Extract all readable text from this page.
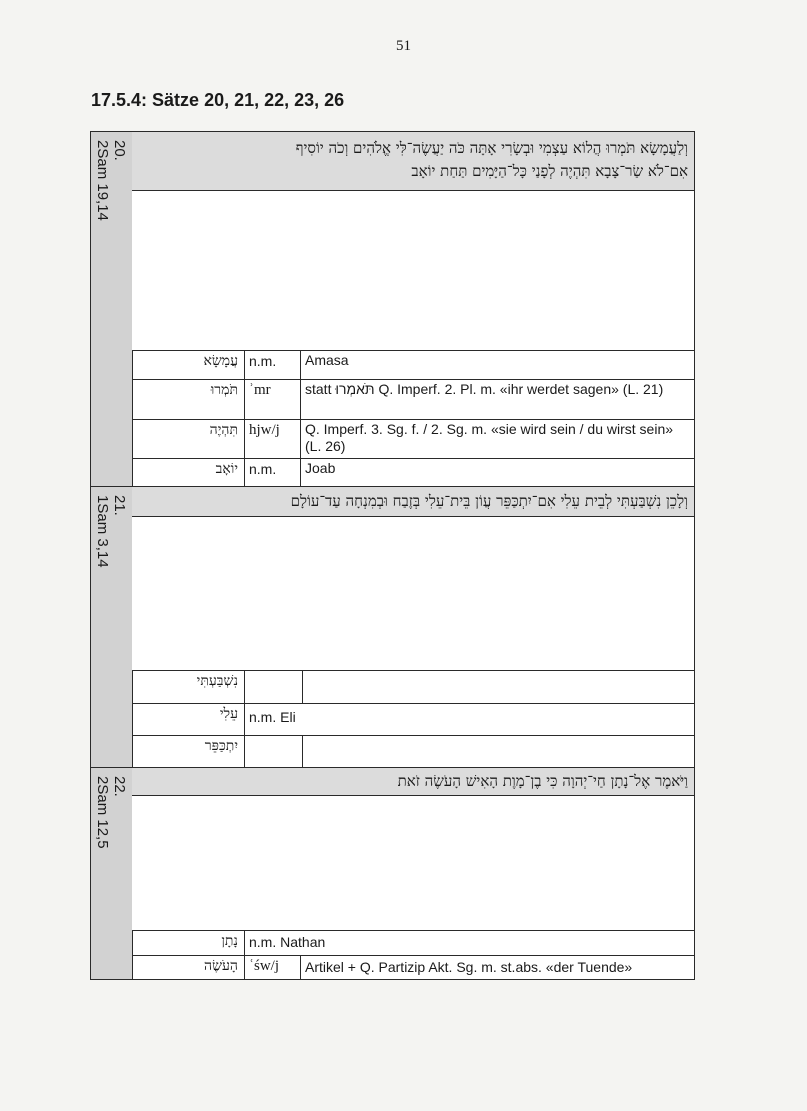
51
17.5.4: Sätze 20, 21, 22, 23, 26
20.
2Sam 19,14	וְלַעֲמָשָׂא תֹּמְרוּ הֲלוֹא עַצְמִי וּבְשָׂרִי אָתָּה כֹּה יַעֲשֶׂה־לִּי אֱלֹהִים וְכֹה יוֹסִיף
אִם־לֹא שַׂר־צָבָא תִּהְיֶה לְפָנַי כָּל־הַיָּמִים תַּחַת יוֹאָב
עֲמָשָׂא n.m.	Amasa
תֹּמְרוּ ʾmr	statt תֹּאמְרוּ Q. Imperf. 2. Pl. m. «ihr werdet sagen» (L. 21)
תִּהְיֶה hjw/j	Q. Imperf. 3. Sg. f. / 2. Sg. m. «sie wird sein / du wirst sein» (L. 26)
יוֹאָב n.m.	Joab
21.
1Sam 3,14	וְלָכֵן נִשְׁבַּעְתִּי לְבֵית עֵלִי אִם־יִתְכַּפֵּר עֲוֹן בֵּית־עֵלִי בְּזֶבַח וּבְמִנְחָה עַד־עוֹלָם
נִשְׁבַּעְתִּי
עֵלִי n.m. Eli
יִתְכַּפֵּר
22.
2Sam 12,5	וַיֹּאמֶר אֶל־נָתָן חַי־יְהוָה כִּי בֶן־מָוֶת הָאִישׁ הָעֹשֶׂה זֹאת
נָתָן n.m. Nathan
הָעֹשֶׂה ʿśw/j	Artikel + Q. Partizip Akt. Sg. m. st.abs. «der Tuende»
